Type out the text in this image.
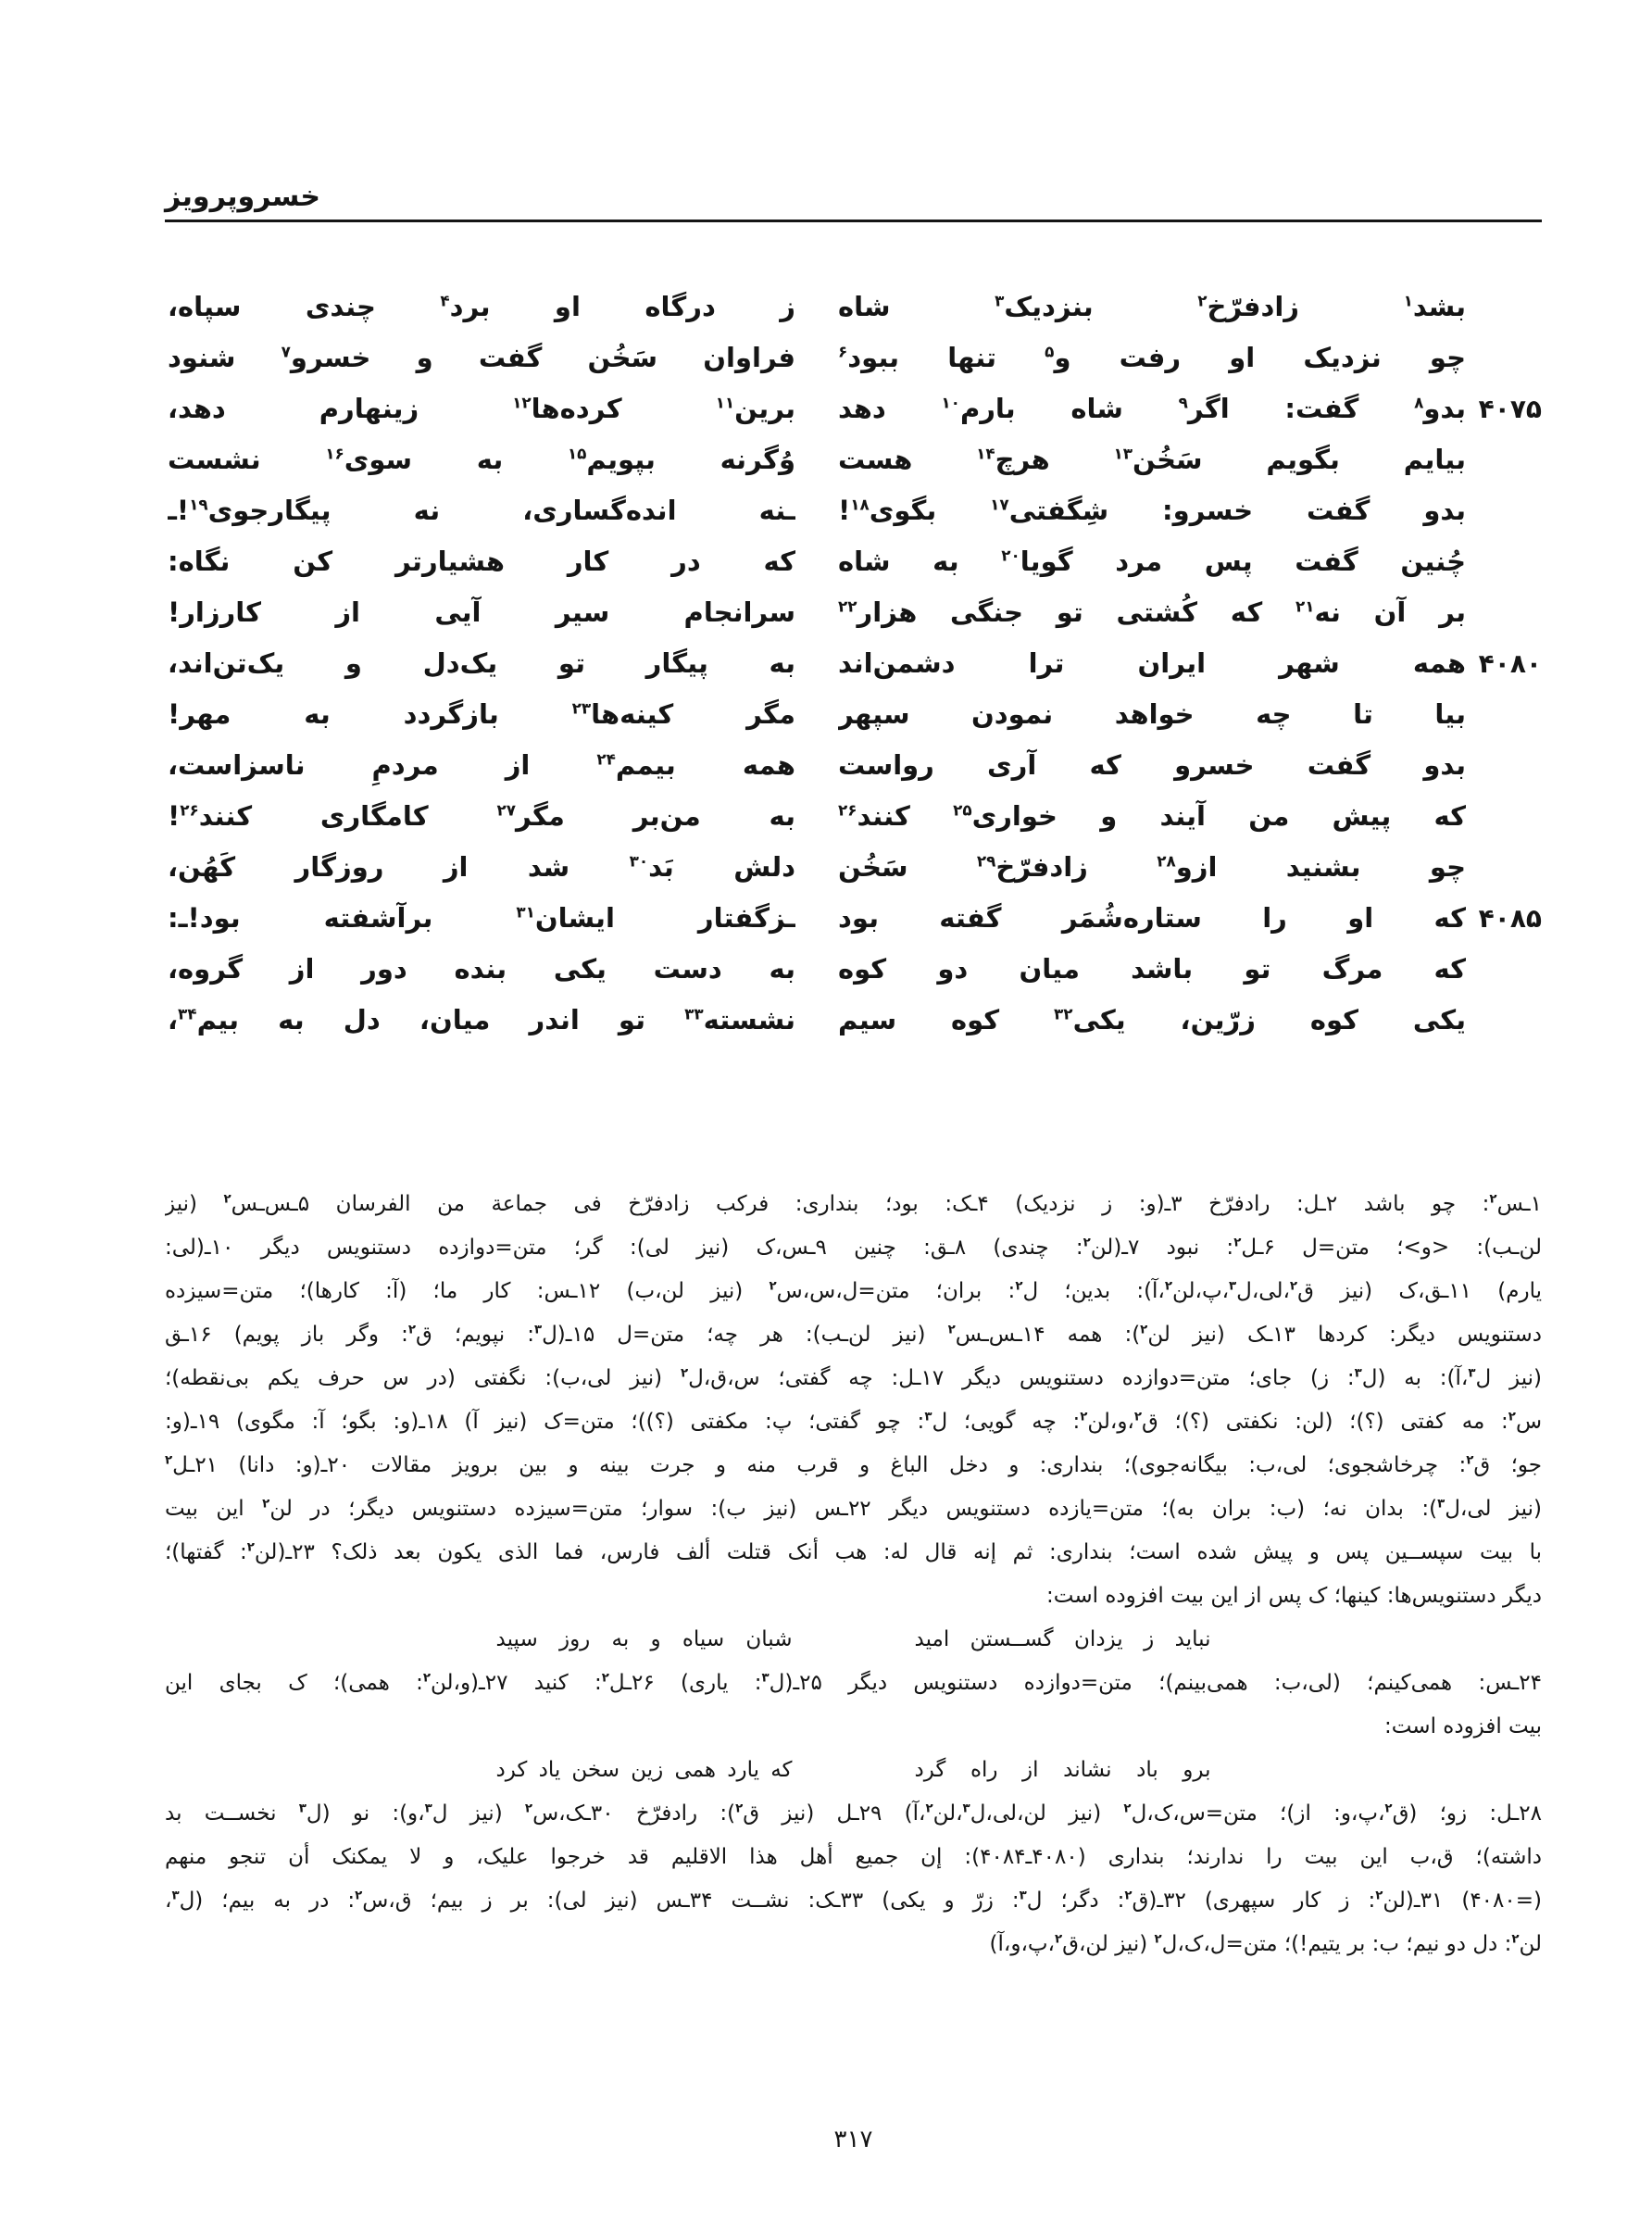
خسروپرویز
بشد$^۱$ زادفرّخ$^۲$ بنزدیک$^۳$ شاه
ز درگاه او برد$^۴$ چندی سپاه،
چو نزدیک او رفت و$^۵$ تنها ببود$^۶$
فراوان سَخُن گفت و خسرو$^۷$ شنود
۴۰۷۵
بدو$^۸$ گفت: اگر$^۹$ شاه بارم$^{۱۰}$ دهد
برین$^{۱۱}$ کرده‌ها$^{۱۲}$ زینهارم دهد،
بیایم بگویم سَخُن$^{۱۳}$ هرچ$^{۱۴}$ هست
وُگرنه بپویم$^{۱۵}$ به سوی$^{۱۶}$ نشست
بدو گفت خسرو: شِگفتی$^{۱۷}$ بگوی$^{۱۸}$!
ـنه انده‌گساری، نه پیگارجوی$^{۱۹}$!ـ
چُنین گفت پس مرد گویا$^{۲۰}$ به شاه
که در کار هشیارتر کن نگاه:
بر آن نه$^{۲۱}$ که کُشتی تو جنگی هزار$^{۲۲}$
سرانجام سیر آیی از کارزار!
۴۰۸۰
همه شهر ایران ترا دشمن‌اند
به پیگار تو یک‌دل و یک‌تن‌اند،
بیا تا چه خواهد نمودن سپهر
مگر کینه‌ها$^{۲۳}$ بازگردد به مهر!
بدو گفت خسرو که آری رواست
همه بیمم$^{۲۴}$ از مردمِ ناسزاست،
که پیش من آیند و خواری$^{۲۵}$ کنند$^{۲۶}$
به من‌بر مگر$^{۲۷}$ کامگاری کنند$^{۲۶}$!
چو بشنید ازو$^{۲۸}$ زادفرّخ$^{۲۹}$ سَخُن
دلش بَد$^{۳۰}$ شد از روزگار کَهُن،
۴۰۸۵
که او را ستاره‌شُمَر گفته بود
ـزگفتار ایشان$^{۳۱}$ برآشفته بود!ـ:
که مرگ تو باشد میان دو کوه
به دست یکی بنده دور از گروه،
یکی کوه زرّین، یکی$^{۳۲}$ کوه سیم
نشسته$^{۳۳}$ تو اندر میان، دل به بیم$^{۳۴}$،
۱ـس$^۲$: چو باشد ۲ـل: رادفرّخ ۳ـ(و: ز نزدیک) ۴ـک: بود؛ بنداری: فرکب زادفرّخ فی جماعة من الفرسان ۵ـس‌ـس$^۲$ (نیز
لن‌ـب): <و>؛ متن=ل ۶ـل$^۲$: نبود ۷ـ(لن$^۲$: چندی) ۸ـق: چنین ۹ـس،ک (نیز لی): گر؛ متن=دوازده دستنویس دیگر ۱۰ـ(لی:
یارم) ۱۱ـق،ک (نیز ق$^۲$،لی،ل$^۳$،پ،لن$^۲$،آ): بدین؛ ل$^۲$: بران؛ متن=ل،س،س$^۲$ (نیز لن،ب) ۱۲ـس: کار ما؛ (آ: کارها)؛ متن=سیزده
دستنویس دیگر: کردها ۱۳ـک (نیز لن$^۲$): همه ۱۴ـس‌ـس$^۲$ (نیز لن‌ـب): هر چه؛ متن=ل ۱۵ـ(ل$^۳$: نپویم؛ ق$^۲$: وگر باز پویم) ۱۶ـق
(نیز ل$^۳$،آ): به (ل$^۳$: ز) جای؛ متن=دوازده دستنویس دیگر ۱۷ـل: چه گفتی؛ س،ق،ل$^۲$ (نیز لی،ب): نگفتی (در س حرف یکم بی‌نقطه)؛
س$^۲$: مه کفتی (؟)؛ (لن: نکفتی (؟)؛ ق$^۲$،و،لن$^۲$: چه گویی؛ ل$^۳$: چو گفتی؛ پ: مکفتی (؟))؛ متن=ک (نیز آ) ۱۸ـ(و: بگو؛ آ: مگوی) ۱۹ـ(و:
جو؛ ق$^۲$: چرخاشجوی؛ لی،ب: بیگانه‌جوی)؛ بنداری: و دخل الباغ و قرب منه و جرت بینه و بین برویز مقالات ۲۰ـ(و: دانا) ۲۱ـل$^۲$
(نیز لی،ل$^۳$): بدان نه؛ (ب: بران به)؛ متن=یازده دستنویس دیگر ۲۲ـس (نیز ب): سوار؛ متن=سیزده دستنویس دیگر؛ در لن$^۲$ این بیت
با بیت سپســین پس و پیش شده است؛ بنداری: ثم إنه قال له: هب أنک قتلت ألف فارس، فما الذی یکون بعد ذلک؟ ۲۳ـ(لن$^۲$: گفتها)؛
دیگر دستنویس‌ها: کینها؛ ک پس از این بیت افزوده است:
نباید ز یزدان گســستن امید
شبان سیاه و به روز سپید
۲۴ـس: همی‌کینم؛ (لی،ب: همی‌بینم)؛ متن=دوازده دستنویس دیگر ۲۵ـ(ل$^۳$: یاری) ۲۶ـل$^۲$: کنید ۲۷ـ(و،لن$^۲$: همی)؛ ک بجای این
بیت افزوده است:
برو باد نشاند از راه گرد
که یارد همی زین سخن یاد کرد
۲۸ـل: زو؛ (ق$^۲$،پ،و: از)؛ متن=س،ک،ل$^۲$ (نیز لن،لی،ل$^۳$،لن$^۲$،آ) ۲۹ـل (نیز ق$^۲$): رادفرّخ ۳۰ـک،س$^۲$ (نیز ل$^۳$،و): نو (ل$^۳$ نخســت بد
داشته)؛ ق،ب این بیت را ندارند؛ بنداری (۴۰۸۰ـ۴۰۸۴): إن جمیع أهل هذا الاقلیم قد خرجوا علیک، و لا یمکنک أن تنجو منهم
(=۴۰۸۰) ۳۱ـ(لن$^۲$: ز کار سپهری) ۳۲ـ(ق$^۲$: دگر؛ ل$^۳$: زرّ و یکی) ۳۳ـک: نشــت ۳۴ـس (نیز لی): بر ز بیم؛ ق،س$^۲$: در به بیم؛ (ل$^۳$،
لن$^۲$: دل دو نیم؛ ب: بر یتیم!)؛ متن=ل،ک،ل$^۲$ (نیز لن،ق$^۲$،پ،و،آ)
۳۱۷
